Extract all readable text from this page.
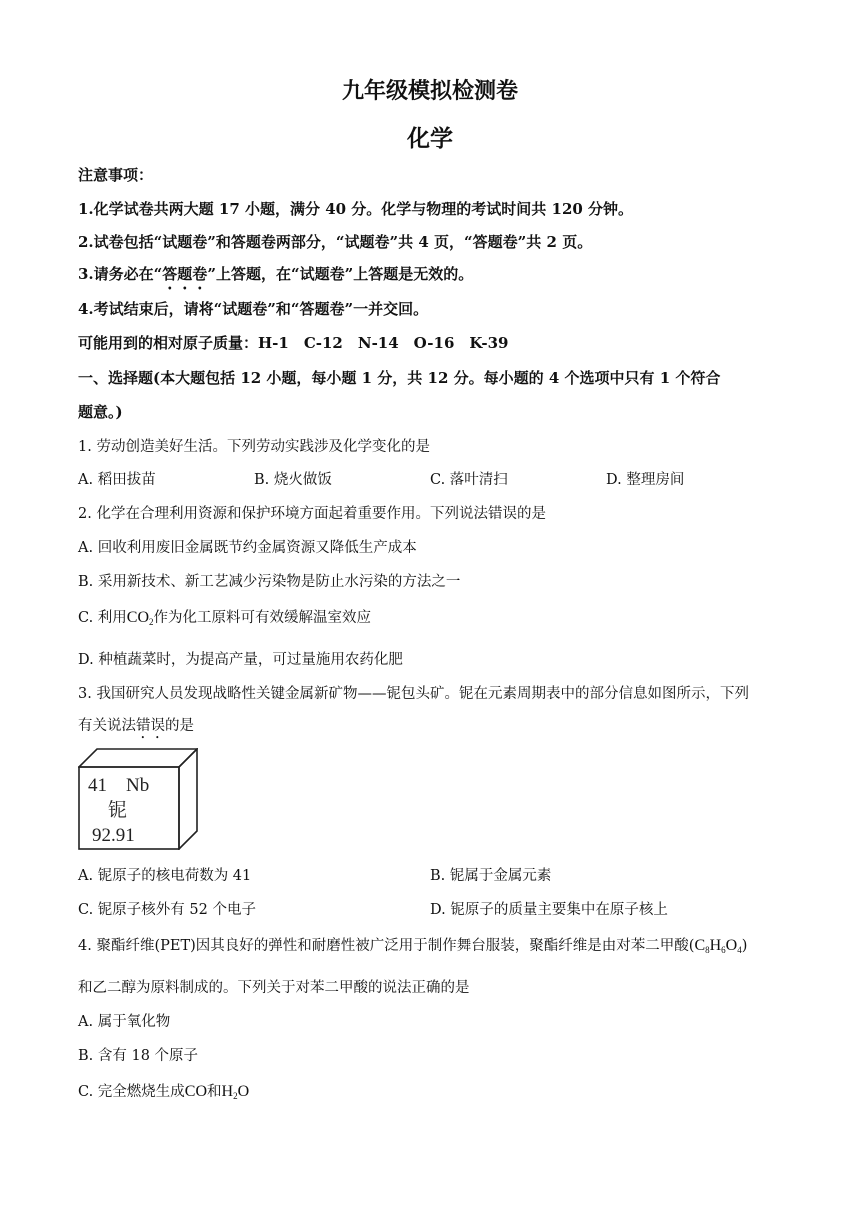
九年级模拟检测卷
化学
注意事项：
1.化学试卷共两大题 17 小题，满分 40 分。化学与物理的考试时间共 120 分钟。
2.试卷包括“试题卷”和答题卷两部分，“试题卷”共 4 页，“答题卷”共 2 页。
3.请务必在“答题卷”上答题，在“试题卷”上答题是无效的。
4.考试结束后，请将“试题卷”和“答题卷”一并交回。
可能用到的相对原子质量：H-1　C-12　N-14　O-16　K-39
一、选择题(本大题包括 12 小题，每小题 1 分，共 12 分。每小题的 4 个选项中只有 1 个符合
题意。)
1. 劳动创造美好生活。下列劳动实践涉及化学变化的是
A. 稻田拔苗	B. 烧火做饭	C. 落叶清扫	D. 整理房间
2. 化学在合理利用资源和保护环境方面起着重要作用。下列说法错误的是
A. 回收利用废旧金属既节约金属资源又降低生产成本
B. 采用新技术、新工艺减少污染物是防止水污染的方法之一
C. 利用$CO_2$作为化工原料可有效缓解温室效应
D. 种植蔬菜时，为提高产量，可过量施用农药化肥
3. 我国研究人员发现战略性关键金属新矿物——铌包头矿。铌在元素周期表中的部分信息如图所示，下列
有关说法错误的是
41 Nb
铌
92.91
A. 铌原子的核电荷数为 41	B. 铌属于金属元素
C. 铌原子核外有 52 个电子	D. 铌原子的质量主要集中在原子核上
4. 聚酯纤维(PET)因其良好的弹性和耐磨性被广泛用于制作舞台服装，聚酯纤维是由对苯二甲酸$(C_8H_6O_4)$
和乙二醇为原料制成的。下列关于对苯二甲酸的说法正确的是
A. 属于氧化物
B. 含有 18 个原子
C. 完全燃烧生成CO和$H_2O$
